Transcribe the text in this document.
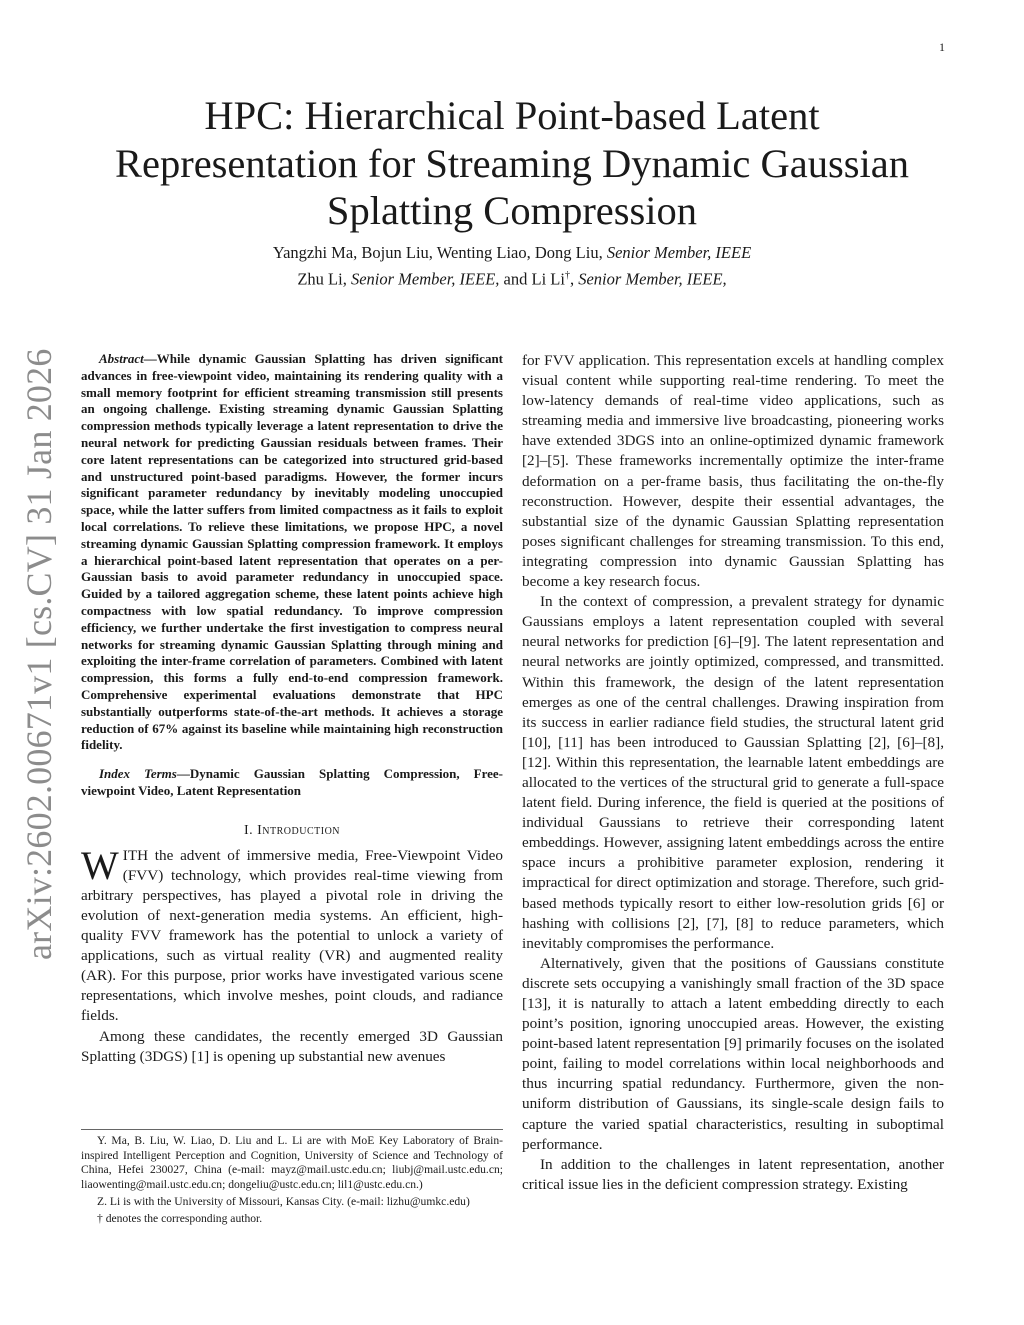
1
arXiv:2602.00671v1 [cs.CV] 31 Jan 2026
HPC: Hierarchical Point-based Latent
Representation for Streaming Dynamic Gaussian
Splatting Compression
Yangzhi Ma, Bojun Liu, Wenting Liao, Dong Liu, Senior Member, IEEE
Zhu Li, Senior Member, IEEE, and Li Li†, Senior Member, IEEE,

Abstract—While dynamic Gaussian Splatting has driven significant advances in free-viewpoint video, maintaining its rendering quality with a small memory footprint for efficient streaming transmission still presents an ongoing challenge. Existing streaming dynamic Gaussian Splatting compression methods typically leverage a latent representation to drive the neural network for predicting Gaussian residuals between frames. Their core latent representations can be categorized into structured grid-based and unstructured point-based paradigms. However, the former incurs significant parameter redundancy by inevitably modeling unoccupied space, while the latter suffers from limited compactness as it fails to exploit local correlations. To relieve these limitations, we propose HPC, a novel streaming dynamic Gaussian Splatting compression framework. It employs a hierarchical point-based latent representation that operates on a per-Gaussian basis to avoid parameter redundancy in unoccupied space. Guided by a tailored aggregation scheme, these latent points achieve high compactness with low spatial redundancy. To improve compression efficiency, we further undertake the first investigation to compress neural networks for streaming dynamic Gaussian Splatting through mining and exploiting the inter-frame correlation of parameters. Combined with latent compression, this forms a fully end-to-end compression framework. Comprehensive experimental evaluations demonstrate that HPC substantially outperforms state-of-the-art methods. It achieves a storage reduction of 67% against its baseline while maintaining high reconstruction fidelity.

Index Terms—Dynamic Gaussian Splatting Compression, Free-viewpoint Video, Latent Representation

I. Introduction

WITH the advent of immersive media, Free-Viewpoint Video (FVV) technology, which provides real-time viewing from arbitrary perspectives, has played a pivotal role in driving the evolution of next-generation media systems. An efficient, high-quality FVV framework has the potential to unlock a variety of applications, such as virtual reality (VR) and augmented reality (AR). For this purpose, prior works have investigated various scene representations, which involve meshes, point clouds, and radiance fields.

Among these candidates, the recently emerged 3D Gaussian Splatting (3DGS) [1] is opening up substantial new avenues

Y. Ma, B. Liu, W. Liao, D. Liu and L. Li are with MoE Key Laboratory of Brain-inspired Intelligent Perception and Cognition, University of Science and Technology of China, Hefei 230027, China (e-mail: mayz@mail.ustc.edu.cn; liubj@mail.ustc.edu.cn; liaowenting@mail.ustc.edu.cn; dongeliu@ustc.edu.cn; lil1@ustc.edu.cn.)

Z. Li is with the University of Missouri, Kansas City. (e-mail: lizhu@umkc.edu)

† denotes the corresponding author.

for FVV application. This representation excels at handling complex visual content while supporting real-time rendering. To meet the low-latency demands of real-time video applications, such as streaming media and immersive live broadcasting, pioneering works have extended 3DGS into an online-optimized dynamic framework [2]–[5]. These frameworks incrementally optimize the inter-frame deformation on a per-frame basis, thus facilitating the on-the-fly reconstruction. However, despite their essential advantages, the substantial size of the dynamic Gaussian Splatting representation poses significant challenges for streaming transmission. To this end, integrating compression into dynamic Gaussian Splatting has become a key research focus.

In the context of compression, a prevalent strategy for dynamic Gaussians employs a latent representation coupled with several neural networks for prediction [6]–[9]. The latent representation and neural networks are jointly optimized, compressed, and transmitted. Within this framework, the design of the latent representation emerges as one of the central challenges. Drawing inspiration from its success in earlier radiance field studies, the structural latent grid [10], [11] has been introduced to Gaussian Splatting [2], [6]–[8], [12]. Within this representation, the learnable latent embeddings are allocated to the vertices of the structural grid to generate a full-space latent field. During inference, the field is queried at the positions of individual Gaussians to retrieve their corresponding latent embeddings. However, assigning latent embeddings across the entire space incurs a prohibitive parameter explosion, rendering it impractical for direct optimization and storage. Therefore, such grid-based methods typically resort to either low-resolution grids [6] or hashing with collisions [2], [7], [8] to reduce parameters, which inevitably compromises the performance.

Alternatively, given that the positions of Gaussians constitute discrete sets occupying a vanishingly small fraction of the 3D space [13], it is naturally to attach a latent embedding directly to each point’s position, ignoring unoccupied areas. However, the existing point-based latent representation [9] primarily focuses on the isolated point, failing to model correlations within local neighborhoods and thus incurring spatial redundancy. Furthermore, given the non-uniform distribution of Gaussians, its single-scale design fails to capture the varied spatial characteristics, resulting in suboptimal performance.

In addition to the challenges in latent representation, another critical issue lies in the deficient compression strategy. Existing
